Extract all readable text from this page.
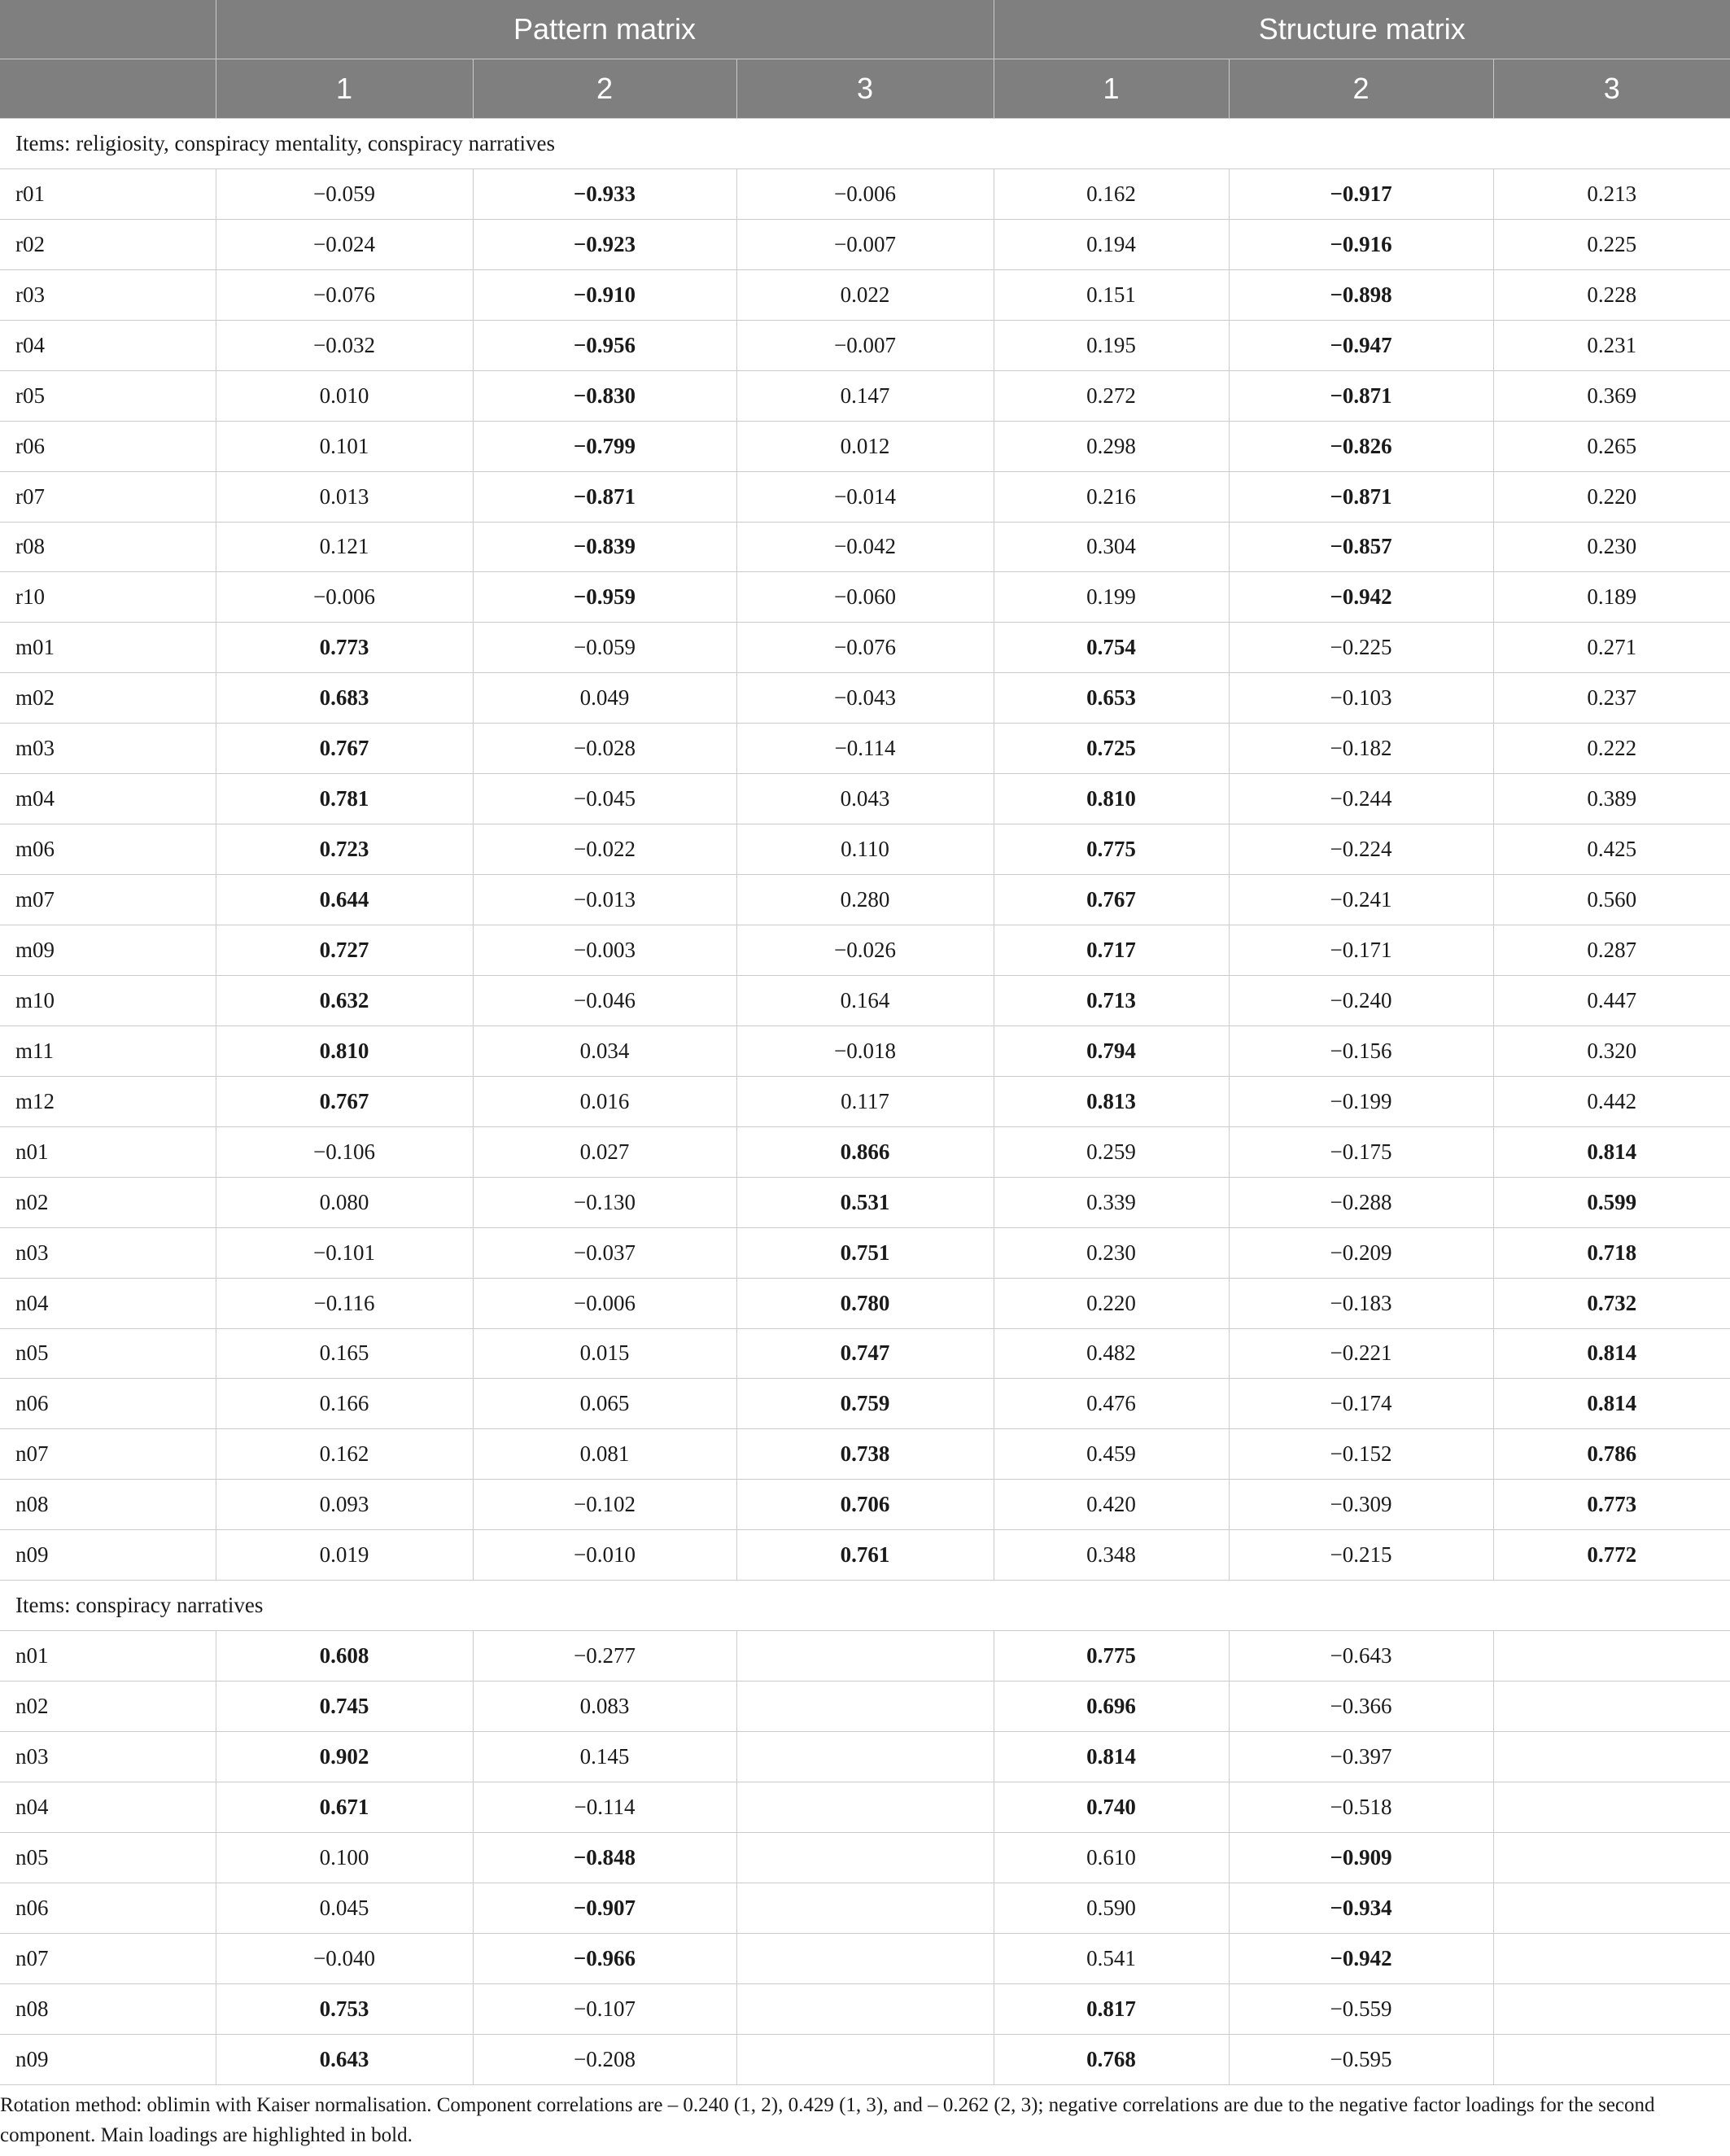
	Pattern matrix			Structure matrix		
	1	2	3	1	2	3
Items: religiosity, conspiracy mentality, conspiracy narratives						
r01	−0.059	−0.933	−0.006	0.162	−0.917	0.213
r02	−0.024	−0.923	−0.007	0.194	−0.916	0.225
r03	−0.076	−0.910	0.022	0.151	−0.898	0.228
r04	−0.032	−0.956	−0.007	0.195	−0.947	0.231
r05	0.010	−0.830	0.147	0.272	−0.871	0.369
r06	0.101	−0.799	0.012	0.298	−0.826	0.265
r07	0.013	−0.871	−0.014	0.216	−0.871	0.220
r08	0.121	−0.839	−0.042	0.304	−0.857	0.230
r10	−0.006	−0.959	−0.060	0.199	−0.942	0.189
m01	0.773	−0.059	−0.076	0.754	−0.225	0.271
m02	0.683	0.049	−0.043	0.653	−0.103	0.237
m03	0.767	−0.028	−0.114	0.725	−0.182	0.222
m04	0.781	−0.045	0.043	0.810	−0.244	0.389
m06	0.723	−0.022	0.110	0.775	−0.224	0.425
m07	0.644	−0.013	0.280	0.767	−0.241	0.560
m09	0.727	−0.003	−0.026	0.717	−0.171	0.287
m10	0.632	−0.046	0.164	0.713	−0.240	0.447
m11	0.810	0.034	−0.018	0.794	−0.156	0.320
m12	0.767	0.016	0.117	0.813	−0.199	0.442
n01	−0.106	0.027	0.866	0.259	−0.175	0.814
n02	0.080	−0.130	0.531	0.339	−0.288	0.599
n03	−0.101	−0.037	0.751	0.230	−0.209	0.718
n04	−0.116	−0.006	0.780	0.220	−0.183	0.732
n05	0.165	0.015	0.747	0.482	−0.221	0.814
n06	0.166	0.065	0.759	0.476	−0.174	0.814
n07	0.162	0.081	0.738	0.459	−0.152	0.786
n08	0.093	−0.102	0.706	0.420	−0.309	0.773
n09	0.019	−0.010	0.761	0.348	−0.215	0.772
Items: conspiracy narratives						
n01	0.608	−0.277		0.775	−0.643	
n02	0.745	0.083		0.696	−0.366	
n03	0.902	0.145		0.814	−0.397	
n04	0.671	−0.114		0.740	−0.518	
n05	0.100	−0.848		0.610	−0.909	
n06	0.045	−0.907		0.590	−0.934	
n07	−0.040	−0.966		0.541	−0.942	
n08	0.753	−0.107		0.817	−0.559	
n09	0.643	−0.208		0.768	−0.595	

Rotation method: oblimin with Kaiser normalisation. Component correlations are – 0.240 (1, 2), 0.429 (1, 3), and – 0.262 (2, 3); negative correlations are due to the negative factor loadings for the second component. Main loadings are highlighted in bold.
